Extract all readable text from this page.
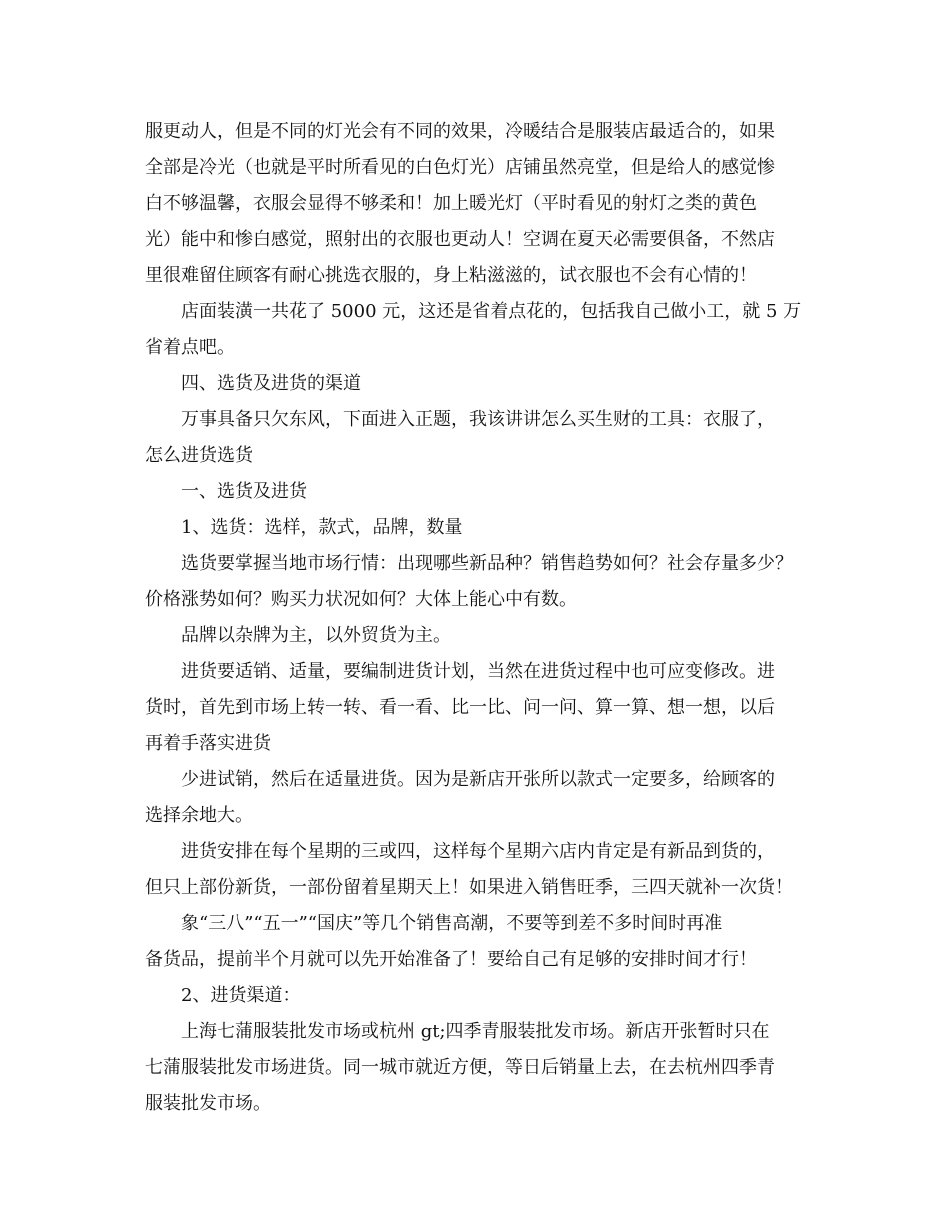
服更动人，但是不同的灯光会有不同的效果，冷暖结合是服装店最适合的，如果
全部是冷光（也就是平时所看见的白色灯光）店铺虽然亮堂，但是给人的感觉惨
白不够温馨，衣服会显得不够柔和！加上暖光灯（平时看见的射灯之类的黄色
光）能中和惨白感觉，照射出的衣服也更动人！空调在夏天必需要俱备，不然店
里很难留住顾客有耐心挑选衣服的，身上粘滋滋的，试衣服也不会有心情的！
店面装潢一共花了 5000 元，这还是省着点花的，包括我自己做小工，就 5 万
省着点吧。
四、选货及进货的渠道
万事具备只欠东风，下面进入正题，我该讲讲怎么买生财的工具：衣服了，
怎么进货选货
一、选货及进货
1、选货：选样，款式，品牌，数量
选货要掌握当地市场行情：出现哪些新品种？销售趋势如何？社会存量多少？
价格涨势如何？购买力状况如何？大体上能心中有数。
品牌以杂牌为主，以外贸货为主。
进货要适销、适量，要编制进货计划，当然在进货过程中也可应变修改。进
货时，首先到市场上转一转、看一看、比一比、问一问、算一算、想一想，以后
再着手落实进货
少进试销，然后在适量进货。因为是新店开张所以款式一定要多，给顾客的
选择余地大。
进货安排在每个星期的三或四，这样每个星期六店内肯定是有新品到货的，
但只上部份新货，一部份留着星期天上！如果进入销售旺季，三四天就补一次货！
象“三八”“五一”“国庆”等几个销售高潮，不要等到差不多时间时再准
备货品，提前半个月就可以先开始准备了！要给自己有足够的安排时间才行！
2、进货渠道：
上海七蒲服装批发市场或杭州 gt;四季青服装批发市场。新店开张暂时只在
七蒲服装批发市场进货。同一城市就近方便，等日后销量上去，在去杭州四季青
服装批发市场。
